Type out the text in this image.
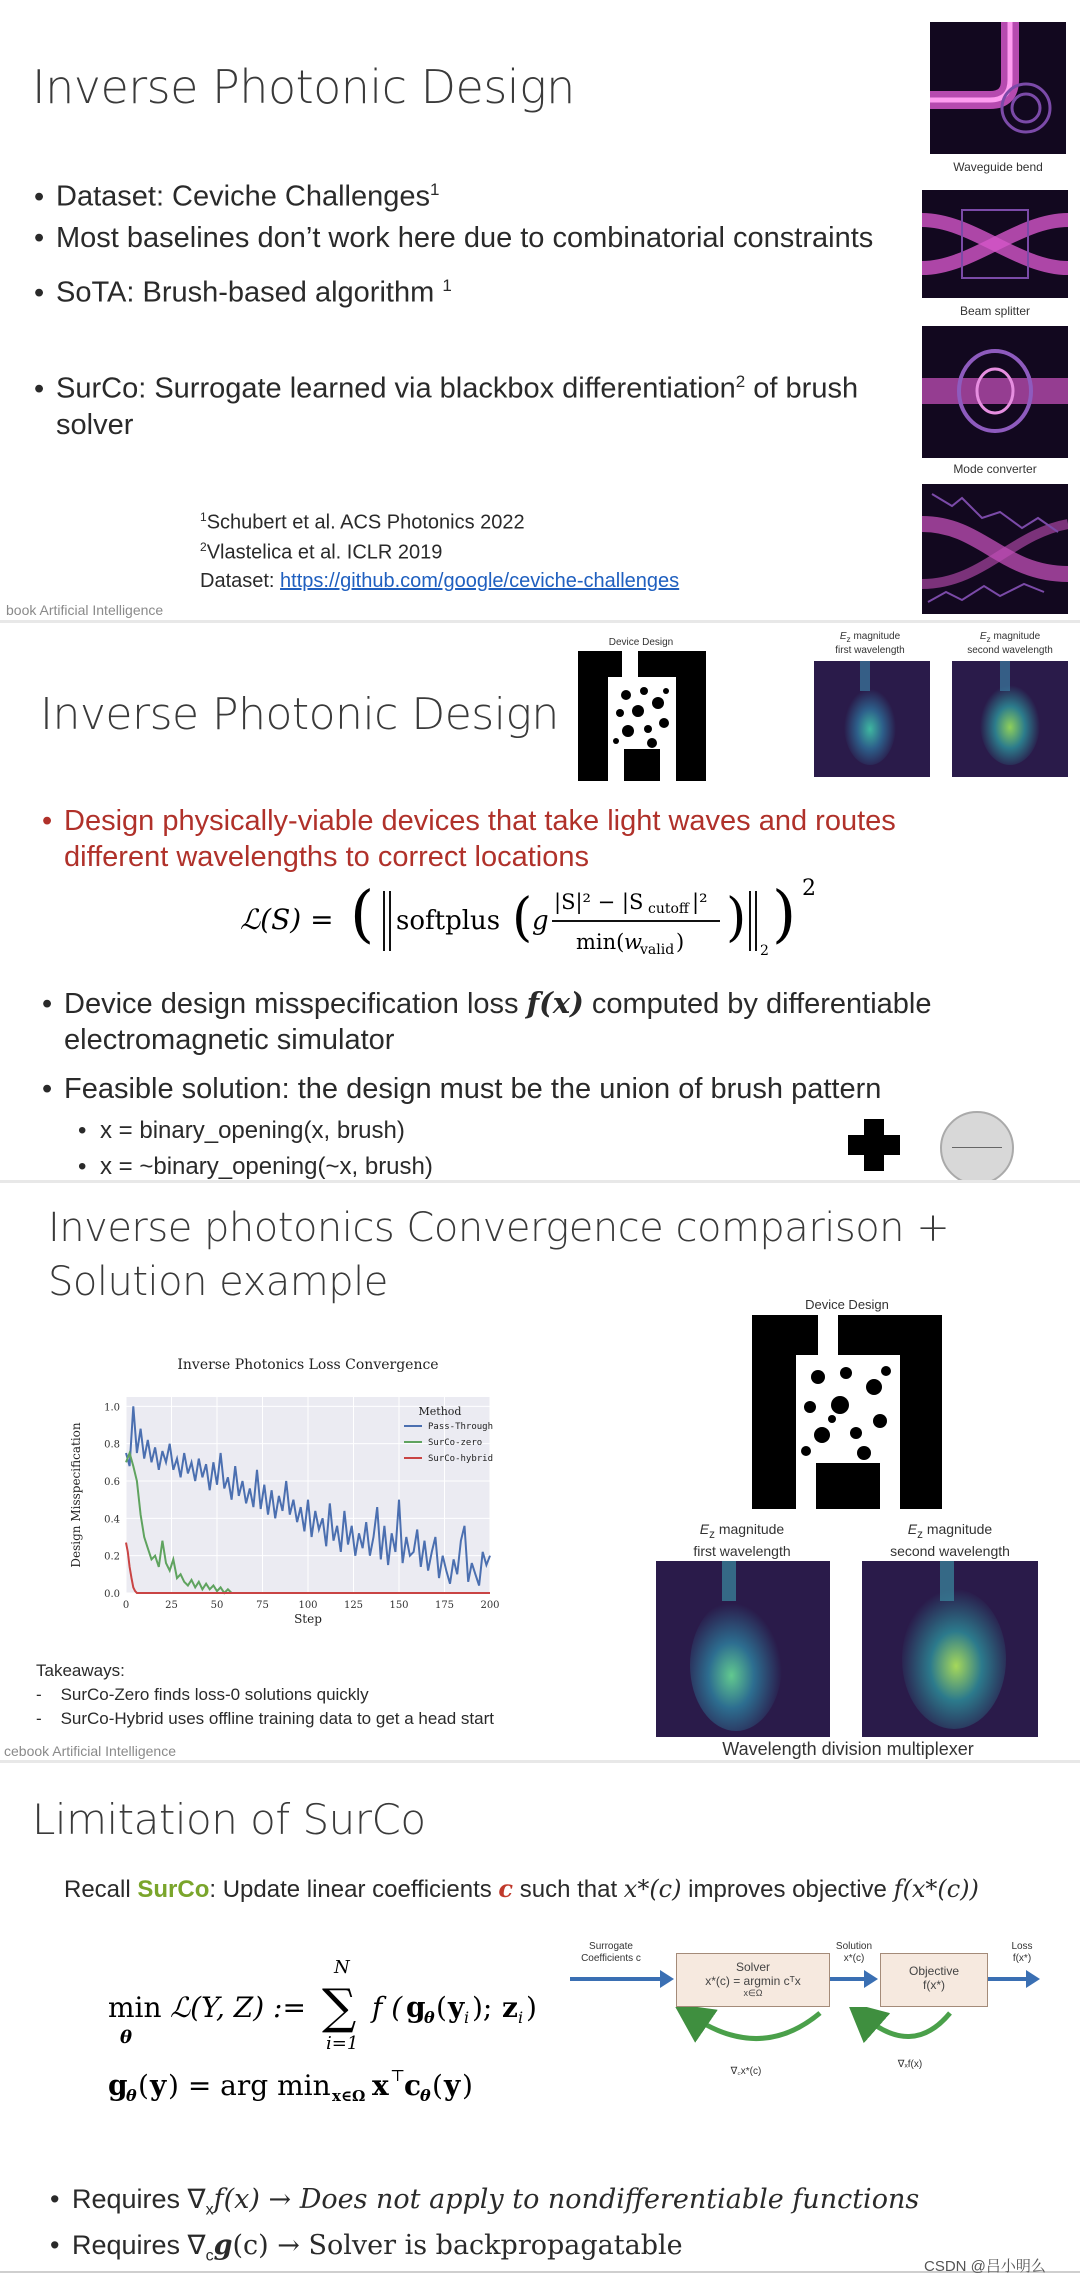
Inverse Photonic Design
• Dataset: Ceviche Challenges$^1$
• Most baselines don’t work here due to combinatorial constraints
• SoTA: Brush-based algorithm $^1$
• SurCo: Surrogate learned via blackbox differentiation$^2$ of brush
solver
$^1$Schubert et al. ACS Photonics 2022
$^2$Vlastelica et al. ICLR 2019
Dataset: https://github.com/google/ceviche-challenges
book Artificial Intelligence
Waveguide bend
Beam splitter
Mode converter
Inverse Photonic Design
Device Design
$E_z$ magnitude
first wavelength
$E_z$ magnitude
second wavelength
• Design physically-viable devices that take light waves and routes
different wavelengths to correct locations
ℒ(S) = ( softplus ( g
|S|² − |S cutoff |²
min( w
valid ) )
2
) 2
• Device design misspecification loss f(x) computed by differentiable
electromagnetic simulator
• Feasible solution: the design must be the union of brush pattern
• x = binary_opening(x, brush)
• x = ~binary_opening(~x, brush)
Inverse photonics Convergence comparison +
Solution example
0.0
0.2
0.4
0.6
0.8
1.0
0	25	50	75	100	125	150	175	200
Inverse Photonics Loss Convergence
Step
Design Misspecification
Method
Pass-Through
SurCo-zero
SurCo-hybrid
Takeaways:
-    SurCo-Zero finds loss-0 solutions quickly
-    SurCo-Hybrid uses offline training data to get a head start
cebook Artificial Intelligence
Device Design
$E_z$ magnitude
first wavelength
$E_z$ magnitude
second wavelength
Wavelength division multiplexer
Limitation of SurCo
Recall SurCo: Update linear coefficients c such that x*(c) improves objective f(x*(c))
min
θ
ℒ(Y, Z) :=
N
∑
i=1
f ( g
θ ( y i ); z i )
g
θ ( y ) = arg min x∈Ω x ⊤
c
θ ( y )
Surrogate
Coefficients c
Solver
x*(c) = argmin cᵀx
x∈Ω
Solution
x*(c)
Objective
f(x*)
Loss
f(x*)
∇꜀x*(c)
∇ₓf(x)
• Requires $\nabla_xf(x)$ → Does not apply to nondifferentiable functions
• Requires $\nabla_cg(c)$ → Solver is backpropagatable
CSDN @吕小明么
